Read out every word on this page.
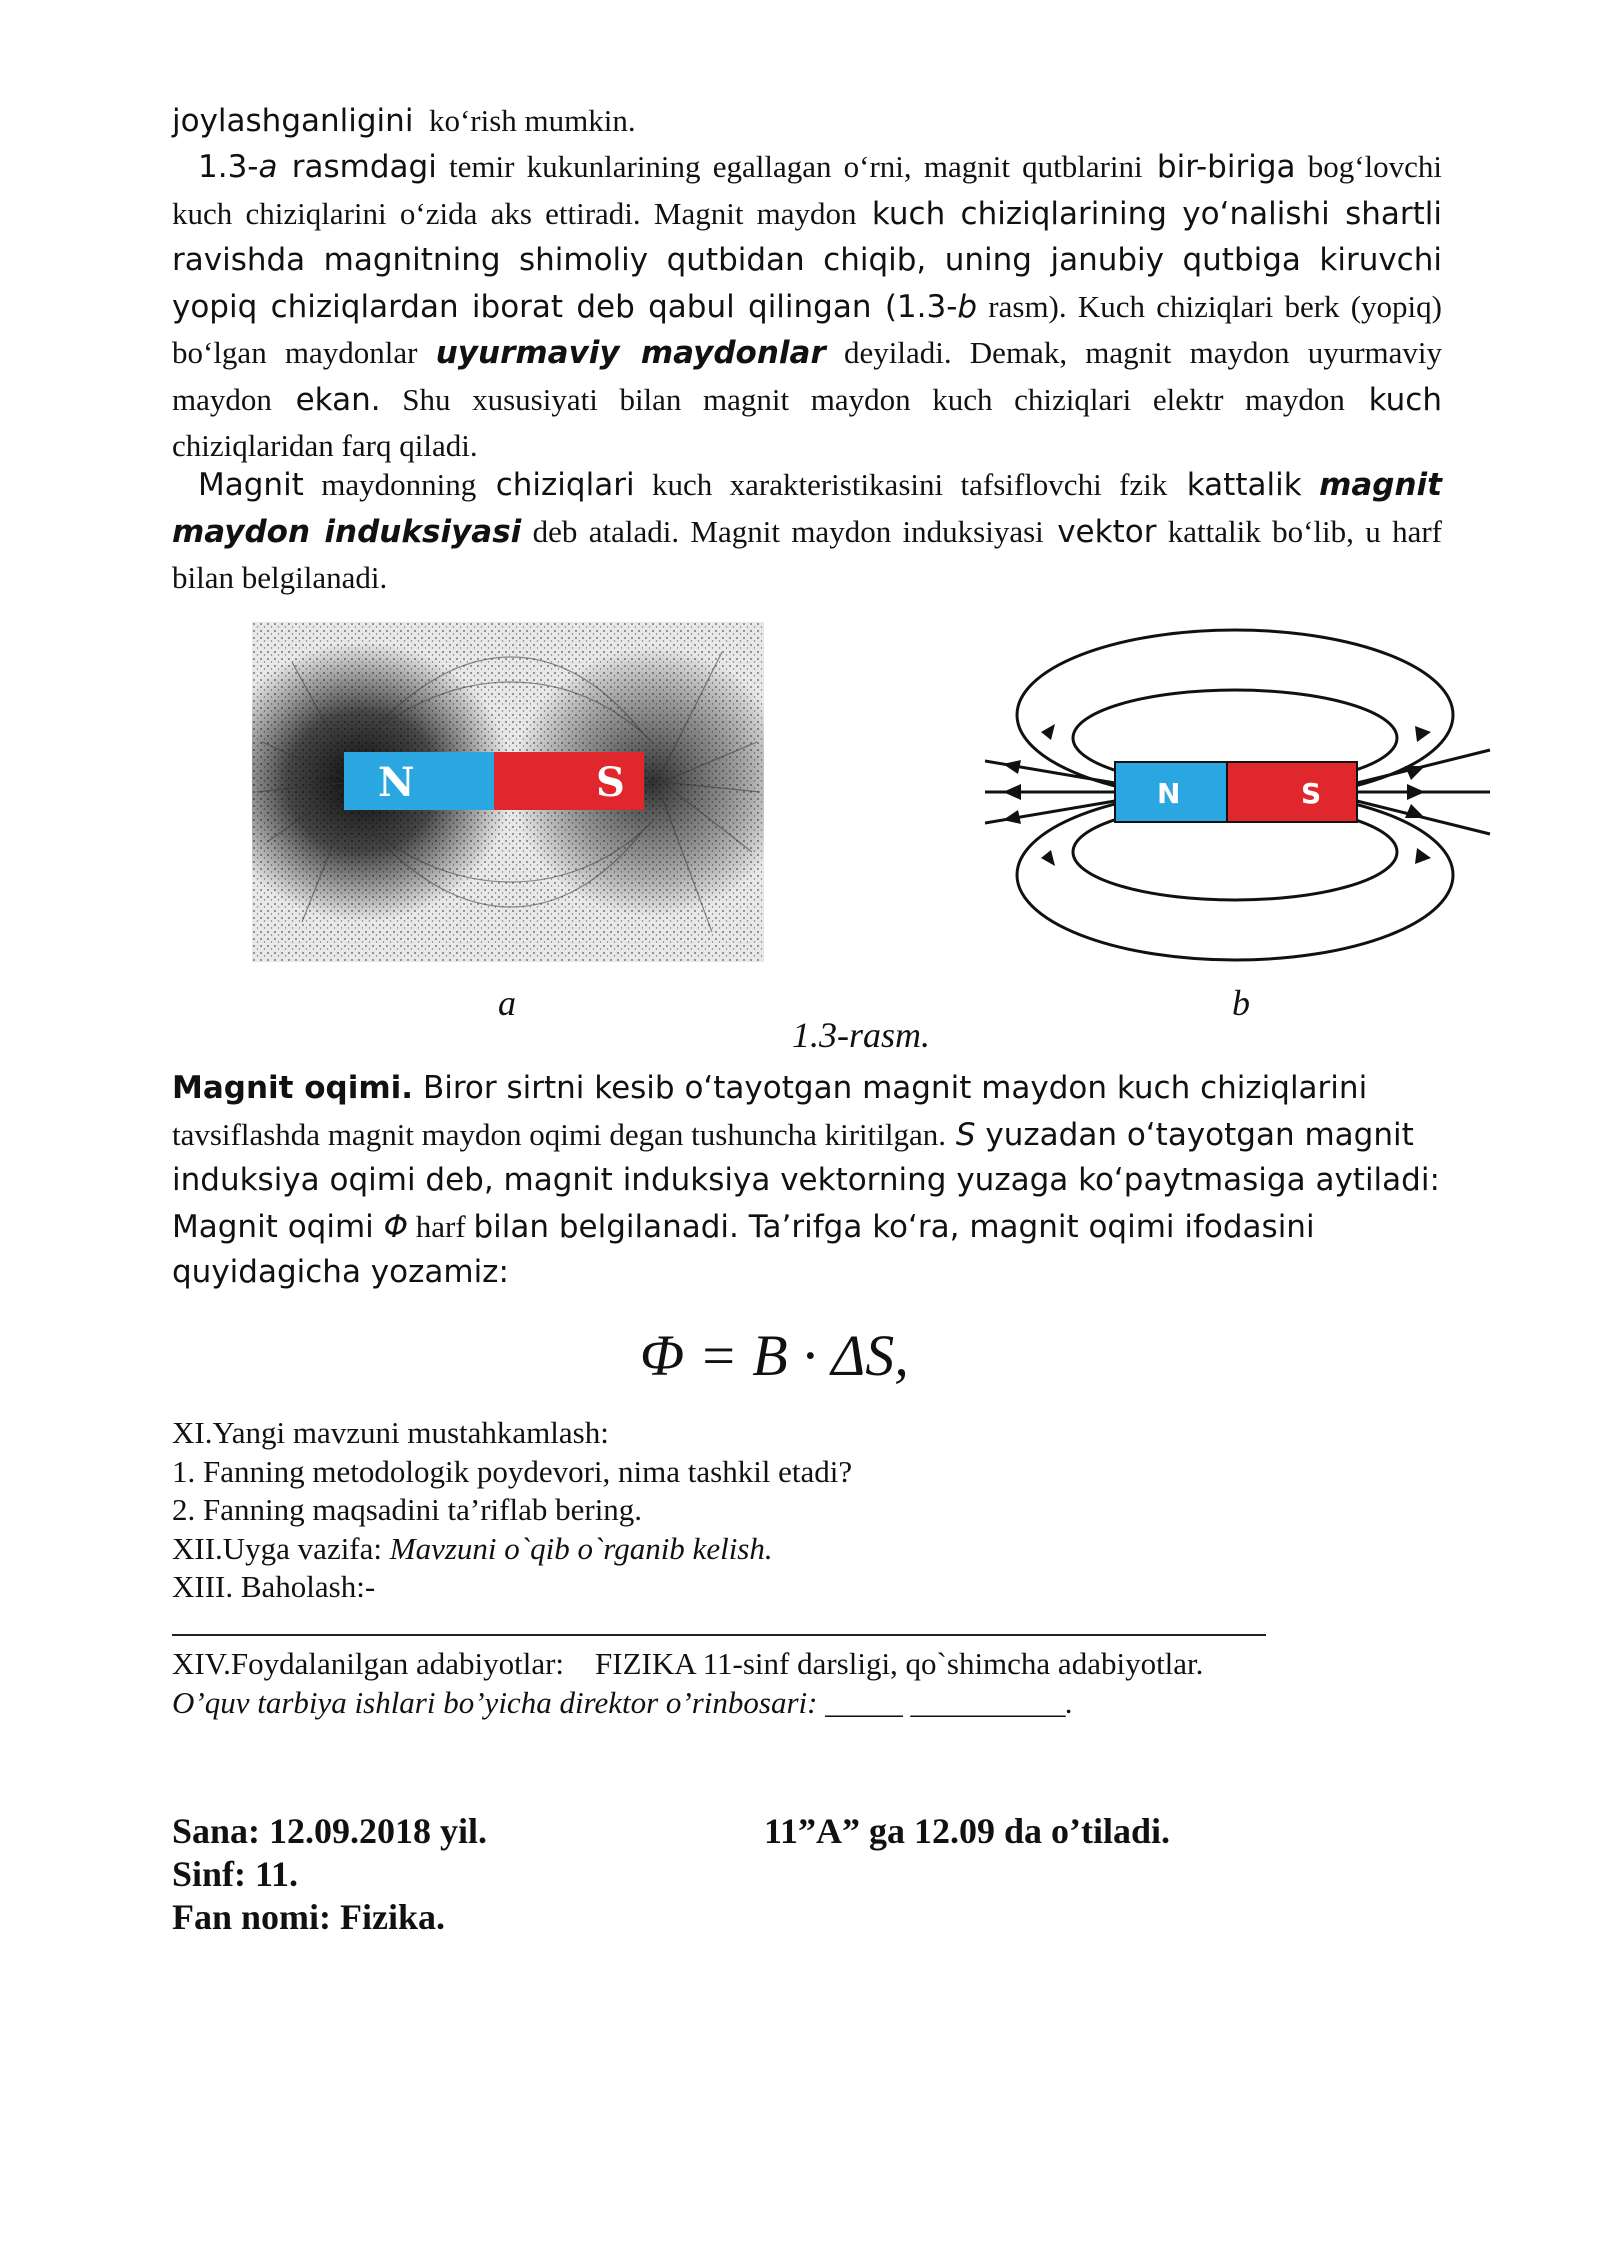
joylashganligini ko‘rish mumkin.
1.3-a rasmdagi temir kukunlarining egallagan o‘rni, magnit qutblarini bir-biriga bog‘lovchi kuch chiziqlarini o‘zida aks ettiradi. Magnit maydon kuch chiziqlarining yo‘nalishi shartli ravishda magnitning shimoliy qutbidan chiqib, uning janubiy qutbiga kiruvchi yopiq chiziqlardan iborat deb qabul qilingan (1.3-b rasm). Kuch chiziqlari berk (yopiq) bo‘lgan maydonlar uyurmaviy maydonlar deyiladi. Demak, magnit maydon uyurmaviy maydon ekan. Shu xususiyati bilan magnit maydon kuch chiziqlari elektr maydon kuch chiziqlaridan farq qiladi.
Magnit maydonning chiziqlari kuch xarakteristikasini tafsiflovchi fzik kattalik magnit maydon induksiyasi deb ataladi. Magnit maydon induksiyasi vektor kattalik bo‘lib, u harf bilan belgilanadi.
N	S	N	S
a	b
1.3-rasm.
Magnit oqimi. Biror sirtni kesib o‘tayotgan magnit maydon kuch chiziqlarini tavsiflashda magnit maydon oqimi degan tushuncha kiritilgan. S yuzadan o‘tayotgan magnit induksiya oqimi deb, magnit induksiya vektorning yuzaga ko‘paytmasiga aytiladi: Magnit oqimi Φ harf bilan belgilanadi. Ta’rifga ko‘ra, magnit oqimi ifodasini quyidagicha yozamiz:
Φ = B · ΔS,
XI.Yangi mavzuni mustahkamlash:
1. Fanning metodologik poydevori, nima tashkil etadi?
2. Fanning maqsadini ta’riflab bering.
XII.Uyga vazifa: Mavzuni o`qib o`rganib kelish.
XIII. Baholash:-
XIV.Foydalanilgan adabiyotlar:    FIZIKA 11-sinf darsligi, qo`shimcha adabiyotlar.
O’quv tarbiya ishlari bo’yicha direktor o’rinbosari: _____ __________.
Sana: 12.09.2018 yil.	11”A” ga 12.09 da o’tiladi.
Sinf: 11.
Fan nomi: Fizika.
